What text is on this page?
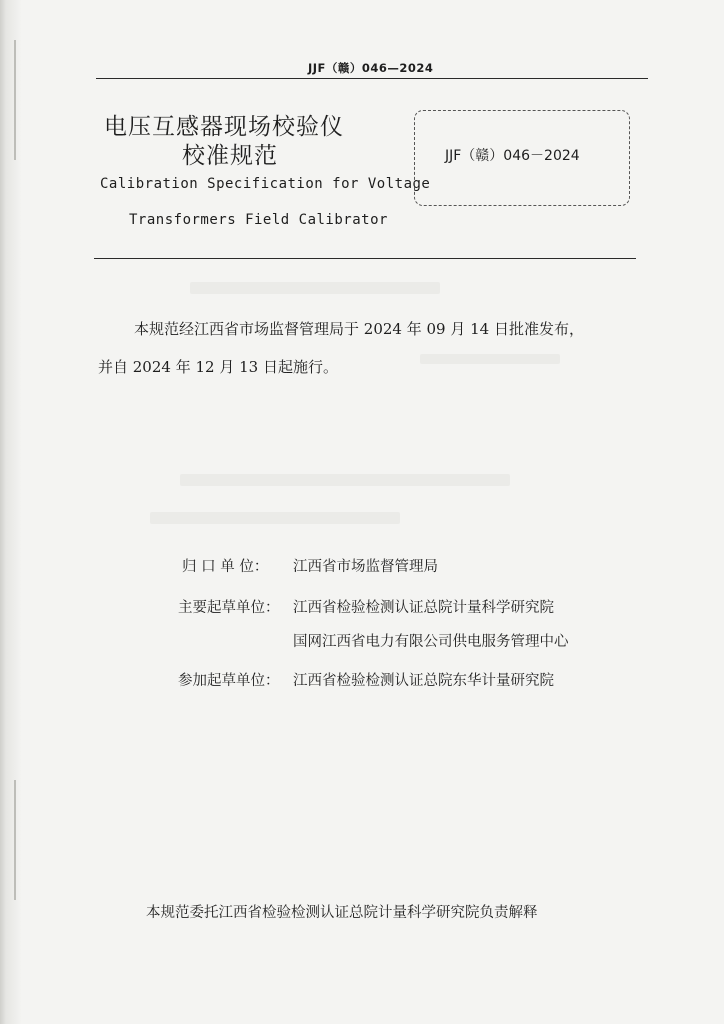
JJF（赣）046—2024
电压互感器现场校验仪
校准规范
Calibration Specification for Voltage
Transformers Field Calibrator
JJF（赣）046－2024
本规范经江西省市场监督管理局于 2024 年 09 月 14 日批准发布，
并自 2024 年 12 月 13 日起施行。
归 口 单 位： 江西省市场监督管理局
主要起草单位： 江西省检验检测认证总院计量科学研究院
国网江西省电力有限公司供电服务管理中心
参加起草单位： 江西省检验检测认证总院东华计量研究院
本规范委托江西省检验检测认证总院计量科学研究院负责解释
